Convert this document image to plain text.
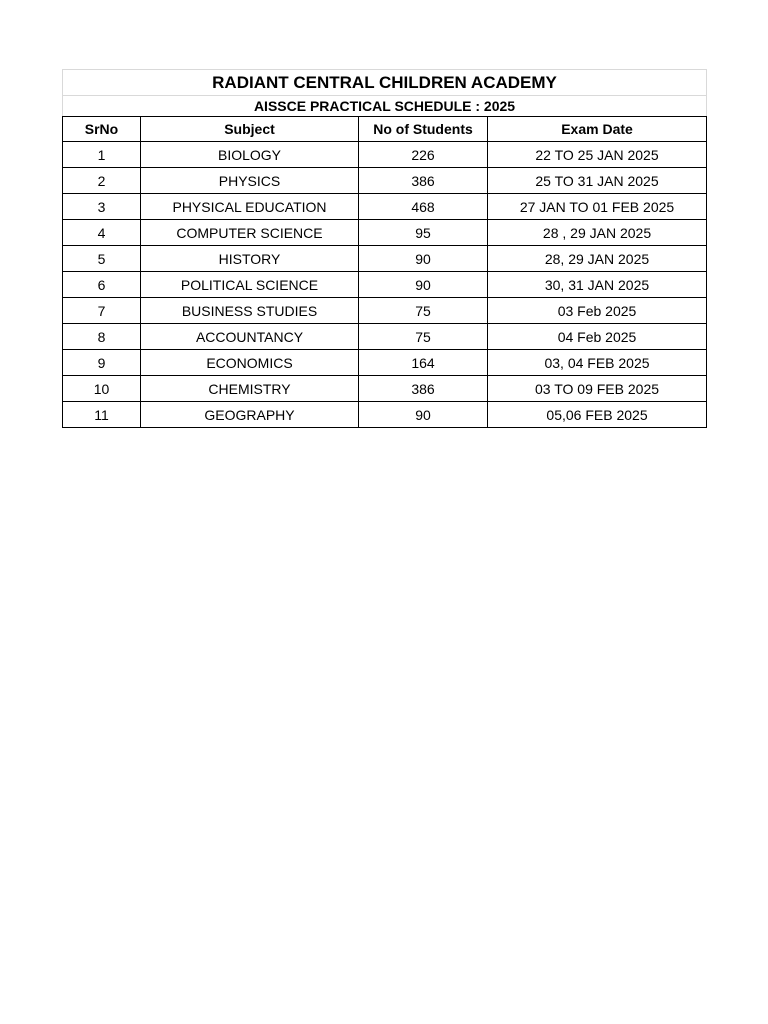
RADIANT CENTRAL CHILDREN ACADEMY			
AISSCE PRACTICAL SCHEDULE : 2025			
SrNo	Subject	No of Students	Exam Date
1	BIOLOGY	226	22 TO 25 JAN 2025
2	PHYSICS	386	25 TO 31 JAN 2025
3	PHYSICAL EDUCATION	468	27 JAN TO 01 FEB 2025
4	COMPUTER SCIENCE	95	28 , 29 JAN 2025
5	HISTORY	90	28, 29 JAN 2025
6	POLITICAL SCIENCE	90	30, 31 JAN 2025
7	BUSINESS STUDIES	75	03 Feb 2025
8	ACCOUNTANCY	75	04 Feb 2025
9	ECONOMICS	164	03, 04 FEB 2025
10	CHEMISTRY	386	03 TO 09 FEB 2025
11	GEOGRAPHY	90	05,06 FEB 2025
